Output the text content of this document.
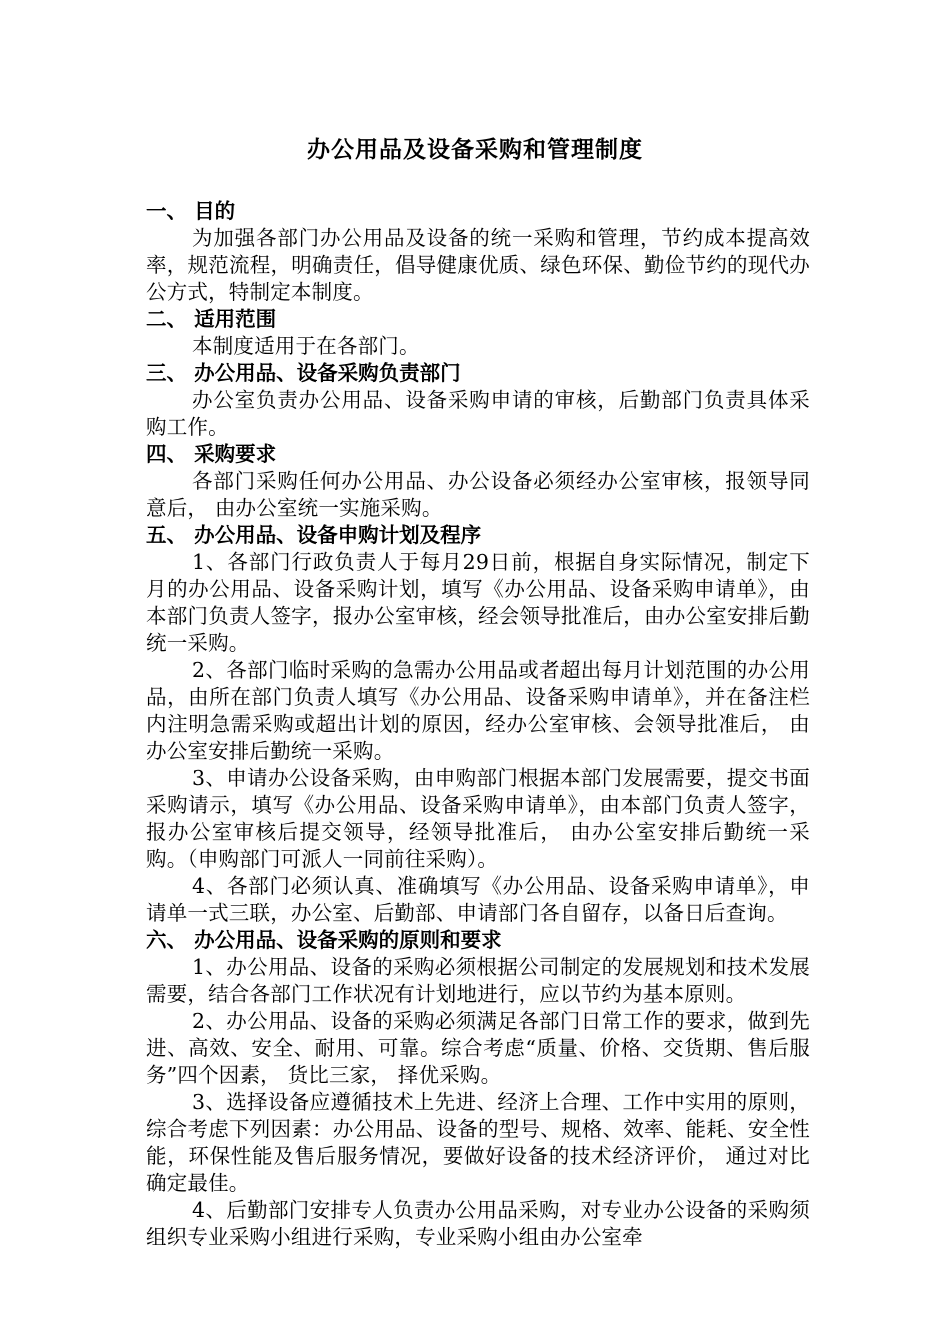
办公用品及设备采购和管理制度

一、 目的

为加强各部门办公用品及设备的统一采购和管理，节约成本提高效率，规范流程，明确责任，倡导健康优质、绿色环保、勤俭节约的现代办公方式，特制定本制度。

二、 适用范围

本制度适用于在各部门。

三、 办公用品、设备采购负责部门

办公室负责办公用品、设备采购申请的审核，后勤部门负责具体采购工作。

四、 采购要求

各部门采购任何办公用品、办公设备必须经办公室审核，报领导同意后， 由办公室统一实施采购。

五、 办公用品、设备申购计划及程序

1、各部门行政负责人于每月29日前，根据自身实际情况，制定下月的办公用品、设备采购计划，填写《办公用品、设备采购申请单》，由本部门负责人签字，报办公室审核，经会领导批准后，由办公室安排后勤统一采购。

2、各部门临时采购的急需办公用品或者超出每月计划范围的办公用品，由所在部门负责人填写《办公用品、设备采购申请单》，并在备注栏内注明急需采购或超出计划的原因，经办公室审核、会领导批准后， 由办公室安排后勤统一采购。

3、申请办公设备采购，由申购部门根据本部门发展需要，提交书面采购请示，填写《办公用品、设备采购申请单》，由本部门负责人签字，报办公室审核后提交领导，经领导批准后， 由办公室安排后勤统一采购。（申购部门可派人一同前往采购）。

4、各部门必须认真、准确填写《办公用品、设备采购申请单》，申请单一式三联，办公室、后勤部、申请部门各自留存，以备日后查询。

六、 办公用品、设备采购的原则和要求

1、办公用品、设备的采购必须根据公司制定的发展规划和技术发展需要，结合各部门工作状况有计划地进行，应以节约为基本原则。

2、办公用品、设备的采购必须满足各部门日常工作的要求，做到先进、高效、安全、耐用、可靠。综合考虑“质量、价格、交货期、售后服务”四个因素， 货比三家， 择优采购。

3、选择设备应遵循技术上先进、经济上合理、工作中实用的原则，综合考虑下列因素：办公用品、设备的型号、规格、效率、能耗、安全性能，环保性能及售后服务情况，要做好设备的技术经济评价， 通过对比确定最佳。

4、后勤部门安排专人负责办公用品采购，对专业办公设备的采购须组织专业采购小组进行采购，专业采购小组由办公室牵
